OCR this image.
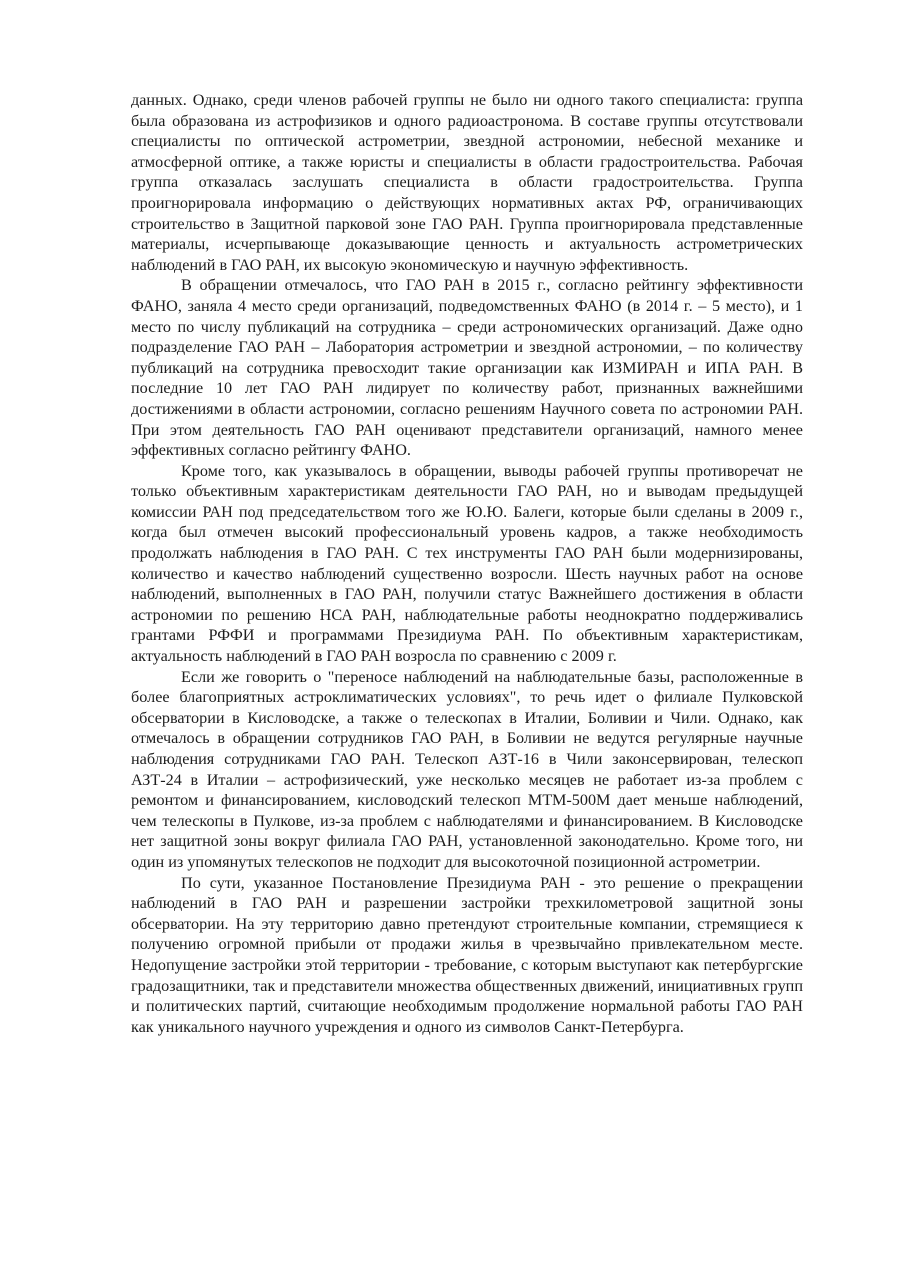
данных. Однако, среди членов рабочей группы не было ни одного такого специалиста: группа была образована из астрофизиков и одного радиоастронома. В составе группы отсутствовали специалисты по оптической астрометрии, звездной астрономии, небесной механике и атмосферной оптике, а также юристы и специалисты в области градостроительства. Рабочая группа отказалась заслушать специалиста в области градостроительства. Группа проигнорировала информацию о действующих нормативных актах РФ, ограничивающих строительство в Защитной парковой зоне ГАО РАН. Группа проигнорировала представленные материалы, исчерпывающе доказывающие ценность и актуальность астрометрических наблюдений в ГАО РАН, их высокую экономическую и научную эффективность.

В обращении отмечалось, что ГАО РАН в 2015 г., согласно рейтингу эффективности ФАНО, заняла 4 место среди организаций, подведомственных ФАНО (в 2014 г. – 5 место), и 1 место по числу публикаций на сотрудника – среди астрономических организаций. Даже одно подразделение ГАО РАН – Лаборатория астрометрии и звездной астрономии, – по количеству публикаций на сотрудника превосходит такие организации как ИЗМИРАН и ИПА РАН. В последние 10 лет ГАО РАН лидирует по количеству работ, признанных важнейшими достижениями в области астрономии, согласно решениям Научного совета по астрономии РАН. При этом деятельность ГАО РАН оценивают представители организаций, намного менее эффективных согласно рейтингу ФАНО.

Кроме того, как указывалось в обращении, выводы рабочей группы противоречат не только объективным характеристикам деятельности ГАО РАН, но и выводам предыдущей комиссии РАН под председательством того же Ю.Ю. Балеги, которые были сделаны в 2009 г., когда был отмечен высокий профессиональный уровень кадров, а также необходимость продолжать наблюдения в ГАО РАН. С тех инструменты ГАО РАН были модернизированы, количество и качество наблюдений существенно возросли. Шесть научных работ на основе наблюдений, выполненных в ГАО РАН, получили статус Важнейшего достижения в области астрономии по решению НСА РАН, наблюдательные работы неоднократно поддерживались грантами РФФИ и программами Президиума РАН. По объективным характеристикам, актуальность наблюдений в ГАО РАН возросла по сравнению с 2009 г.

Если же говорить о "переносе наблюдений на наблюдательные базы, расположенные в более благоприятных астроклиматических условиях", то речь идет о филиале Пулковской обсерватории в Кисловодске, а также о телескопах в Италии, Боливии и Чили. Однако, как отмечалось в обращении сотрудников ГАО РАН, в Боливии не ведутся регулярные научные наблюдения сотрудниками ГАО РАН. Телескоп АЗТ-16 в Чили законсервирован, телескоп АЗТ-24 в Италии – астрофизический, уже несколько месяцев не работает из-за проблем с ремонтом и финансированием, кисловодский телескоп МТМ-500М дает меньше наблюдений, чем телескопы в Пулкове, из-за проблем с наблюдателями и финансированием. В Кисловодске нет защитной зоны вокруг филиала ГАО РАН, установленной законодательно. Кроме того, ни один из упомянутых телескопов не подходит для высокоточной позиционной астрометрии.

По сути, указанное Постановление Президиума РАН - это решение о прекращении наблюдений в ГАО РАН и разрешении застройки трехкилометровой защитной зоны обсерватории. На эту территорию давно претендуют строительные компании, стремящиеся к получению огромной прибыли от продажи жилья в чрезвычайно привлекательном месте. Недопущение застройки этой территории - требование, с которым выступают как петербургские градозащитники, так и представители множества общественных движений, инициативных групп и политических партий, считающие необходимым продолжение нормальной работы ГАО РАН как уникального научного учреждения и одного из символов Санкт-Петербурга.
